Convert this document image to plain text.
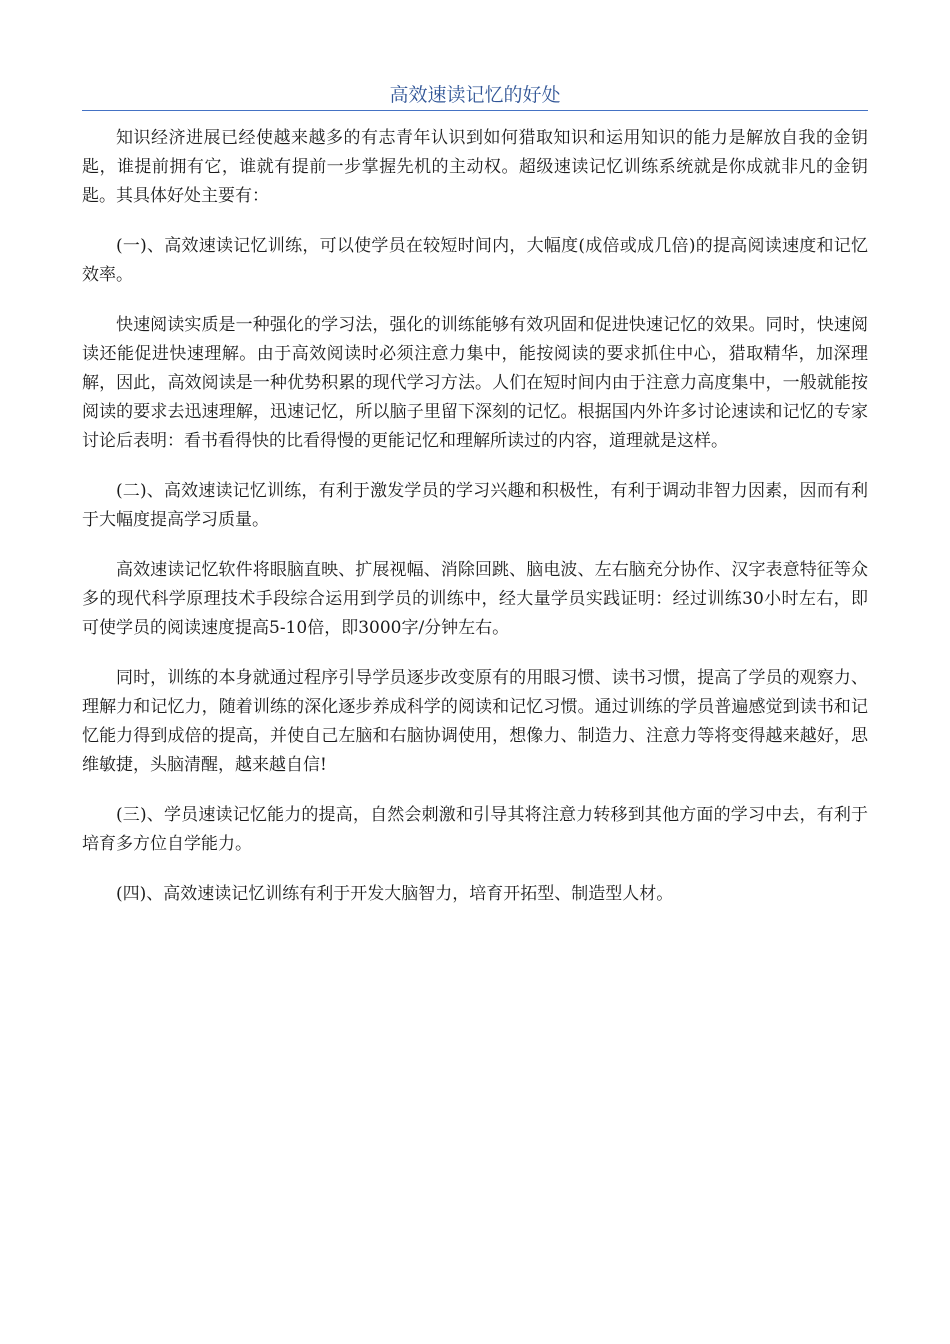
高效速读记忆的好处

知识经济进展已经使越来越多的有志青年认识到如何猎取知识和运用知识的能力是解放自我的金钥匙，谁提前拥有它，谁就有提前一步掌握先机的主动权。超级速读记忆训练系统就是你成就非凡的金钥匙。其具体好处主要有：

(一)、高效速读记忆训练，可以使学员在较短时间内，大幅度(成倍或成几倍)的提高阅读速度和记忆效率。

快速阅读实质是一种强化的学习法，强化的训练能够有效巩固和促进快速记忆的效果。同时，快速阅读还能促进快速理解。由于高效阅读时必须注意力集中，能按阅读的要求抓住中心，猎取精华，加深理解，因此，高效阅读是一种优势积累的现代学习方法。人们在短时间内由于注意力高度集中，一般就能按阅读的要求去迅速理解，迅速记忆，所以脑子里留下深刻的记忆。根据国内外许多讨论速读和记忆的专家讨论后表明：看书看得快的比看得慢的更能记忆和理解所读过的内容，道理就是这样。

(二)、高效速读记忆训练，有利于激发学员的学习兴趣和积极性，有利于调动非智力因素，因而有利于大幅度提高学习质量。

高效速读记忆软件将眼脑直映、扩展视幅、消除回跳、脑电波、左右脑充分协作、汉字表意特征等众多的现代科学原理技术手段综合运用到学员的训练中，经大量学员实践证明：经过训练30小时左右，即可使学员的阅读速度提高5-10倍，即3000字/分钟左右。

同时，训练的本身就通过程序引导学员逐步改变原有的用眼习惯、读书习惯，提高了学员的观察力、理解力和记忆力，随着训练的深化逐步养成科学的阅读和记忆习惯。通过训练的学员普遍感觉到读书和记忆能力得到成倍的提高，并使自己左脑和右脑协调使用，想像力、制造力、注意力等将变得越来越好，思维敏捷，头脑清醒，越来越自信!

(三)、学员速读记忆能力的提高，自然会刺激和引导其将注意力转移到其他方面的学习中去，有利于培育多方位自学能力。

(四)、高效速读记忆训练有利于开发大脑智力，培育开拓型、制造型人材。
